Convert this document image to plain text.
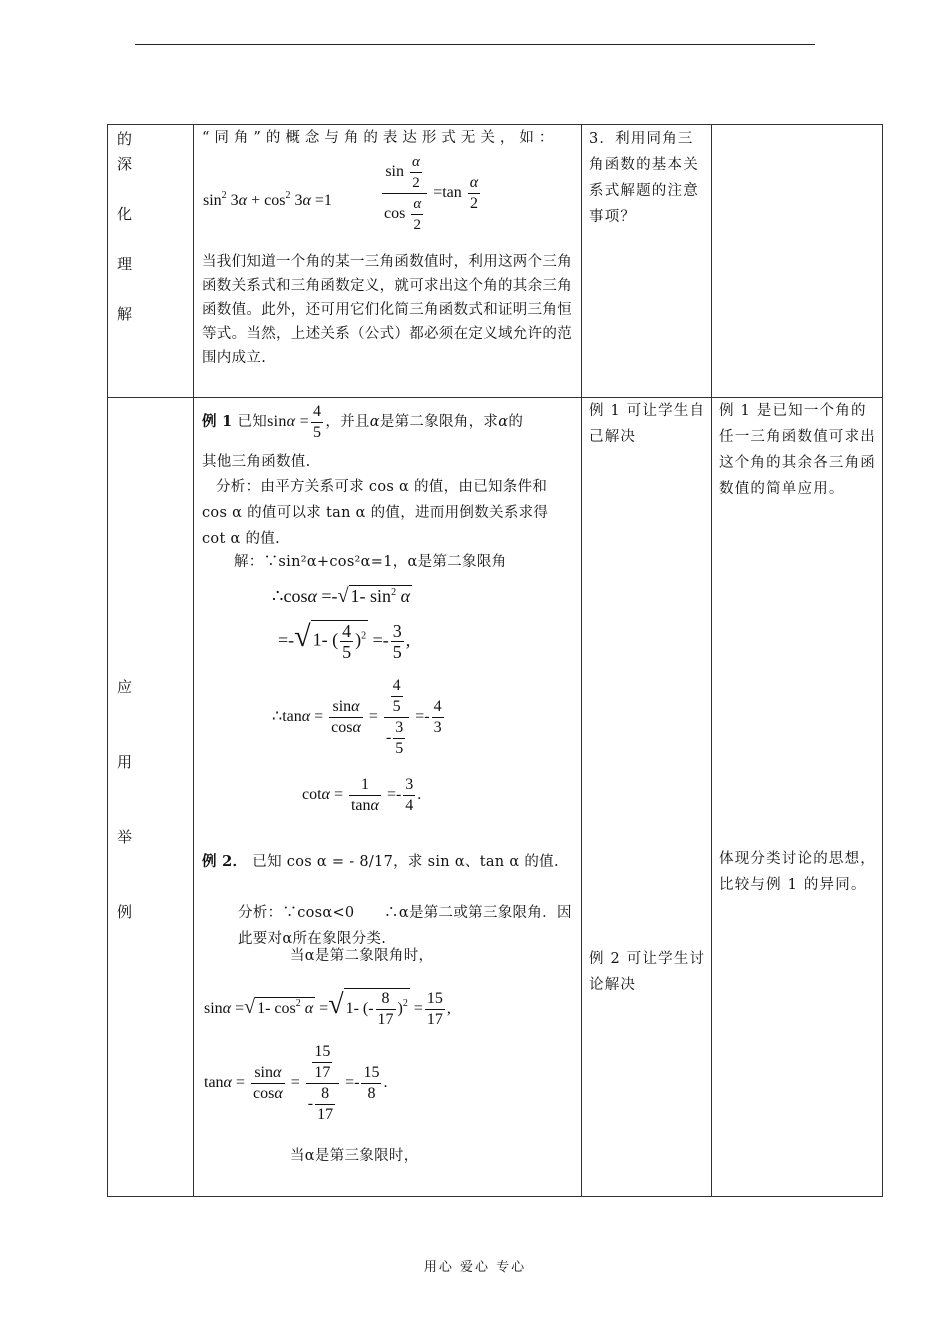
的
深
化
理
解
“同角”的概念与角的表达形式无关，如：
$\sin^2 3\alpha + \cos^2 3\alpha =1$	$\frac{\sin \frac{\alpha}{2}}{\cos \frac{\alpha}{2}} =\tan \frac{\alpha}{2}$
当我们知道一个角的某一三角函数值时，利用这两个三角函数关系式和三角函数定义，就可求出这个角的其余三角函数值。此外，还可用它们化简三角函数式和证明三角恒等式。当然，上述关系（公式）都必须在定义域允许的范围内成立.
3．利用同角三角函数的基本关系式解题的注意事项？
应
用
举
例
例 1 已知$\sin\alpha = \frac{4}{5}$ ，并且α是第二象限角，求α的
其他三角函数值.
分析：由平方关系可求 cos α 的值，由已知条件和 cos α 的值可以求 tan α 的值，进而用倒数关系求得 cot α 的值.
解：∵sin²α+cos²α=1，α是第二象限角
∴cosα =-√ 1- $\sin^2 \alpha$
=-√ 1- ( $\frac{4}{5} )^2 =- \frac{3}{5}$ ,
∴tanα = $\frac{\sin\alpha}{\cos\alpha} = \frac{\frac{4}{5}}{- \frac{3}{5}} =- \frac{4}{3}$
$\cot\alpha = \frac{1}{\tan\alpha} =- \frac{3}{4}$ .
例 2． 已知 cos α = - 8/17，求 sin α、tan α 的值.
分析：∵cosα<0　　∴α是第二或第三象限角．因此要对α所在象限分类.
当α是第二象限角时，
sinα =√ 1- $\cos^2 \alpha$ =√ 1- (- $\frac{8}{17} )^2 = \frac{15}{17}$ ,
$\tan\alpha = \frac{\sin\alpha}{\cos\alpha} = \frac{\frac{15}{17}}{- \frac{8}{17}} =- \frac{15}{8}$ .
当α是第三象限时，
例 1 可让学生自己解决
例 2 可让学生讨论解决
例 1 是已知一个角的任一三角函数值可求出这个角的其余各三角函数值的简单应用。
体现分类讨论的思想，比较与例 1 的异同。
用心 爱心 专心
